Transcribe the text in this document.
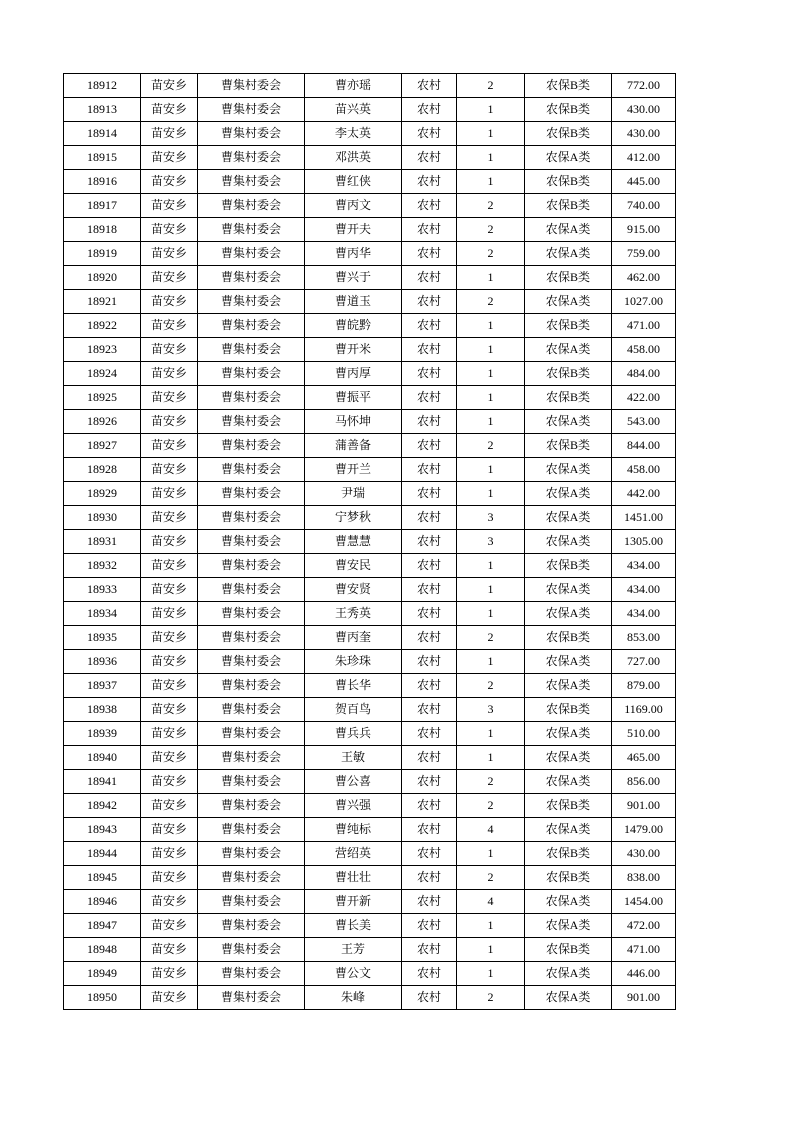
18912	苗安乡	曹集村委会	曹亦瑶	农村	2	农保B类	772.00
18913	苗安乡	曹集村委会	苗兴英	农村	1	农保B类	430.00
18914	苗安乡	曹集村委会	李太英	农村	1	农保B类	430.00
18915	苗安乡	曹集村委会	邓洪英	农村	1	农保A类	412.00
18916	苗安乡	曹集村委会	曹红侠	农村	1	农保B类	445.00
18917	苗安乡	曹集村委会	曹丙文	农村	2	农保B类	740.00
18918	苗安乡	曹集村委会	曹开夫	农村	2	农保A类	915.00
18919	苗安乡	曹集村委会	曹丙华	农村	2	农保A类	759.00
18920	苗安乡	曹集村委会	曹兴于	农村	1	农保B类	462.00
18921	苗安乡	曹集村委会	曹道玉	农村	2	农保A类	1027.00
18922	苗安乡	曹集村委会	曹皖黔	农村	1	农保B类	471.00
18923	苗安乡	曹集村委会	曹开米	农村	1	农保A类	458.00
18924	苗安乡	曹集村委会	曹丙厚	农村	1	农保B类	484.00
18925	苗安乡	曹集村委会	曹振平	农村	1	农保B类	422.00
18926	苗安乡	曹集村委会	马怀坤	农村	1	农保A类	543.00
18927	苗安乡	曹集村委会	蒲善备	农村	2	农保B类	844.00
18928	苗安乡	曹集村委会	曹开兰	农村	1	农保A类	458.00
18929	苗安乡	曹集村委会	尹瑞	农村	1	农保A类	442.00
18930	苗安乡	曹集村委会	宁梦秋	农村	3	农保A类	1451.00
18931	苗安乡	曹集村委会	曹慧慧	农村	3	农保A类	1305.00
18932	苗安乡	曹集村委会	曹安民	农村	1	农保B类	434.00
18933	苗安乡	曹集村委会	曹安贤	农村	1	农保A类	434.00
18934	苗安乡	曹集村委会	王秀英	农村	1	农保A类	434.00
18935	苗安乡	曹集村委会	曹丙奎	农村	2	农保B类	853.00
18936	苗安乡	曹集村委会	朱珍珠	农村	1	农保A类	727.00
18937	苗安乡	曹集村委会	曹长华	农村	2	农保A类	879.00
18938	苗安乡	曹集村委会	贺百鸟	农村	3	农保B类	1169.00
18939	苗安乡	曹集村委会	曹兵兵	农村	1	农保A类	510.00
18940	苗安乡	曹集村委会	王敏	农村	1	农保A类	465.00
18941	苗安乡	曹集村委会	曹公喜	农村	2	农保A类	856.00
18942	苗安乡	曹集村委会	曹兴强	农村	2	农保B类	901.00
18943	苗安乡	曹集村委会	曹纯标	农村	4	农保A类	1479.00
18944	苗安乡	曹集村委会	营绍英	农村	1	农保B类	430.00
18945	苗安乡	曹集村委会	曹壮壮	农村	2	农保B类	838.00
18946	苗安乡	曹集村委会	曹开新	农村	4	农保A类	1454.00
18947	苗安乡	曹集村委会	曹长美	农村	1	农保A类	472.00
18948	苗安乡	曹集村委会	王芳	农村	1	农保B类	471.00
18949	苗安乡	曹集村委会	曹公文	农村	1	农保A类	446.00
18950	苗安乡	曹集村委会	朱峰	农村	2	农保A类	901.00
